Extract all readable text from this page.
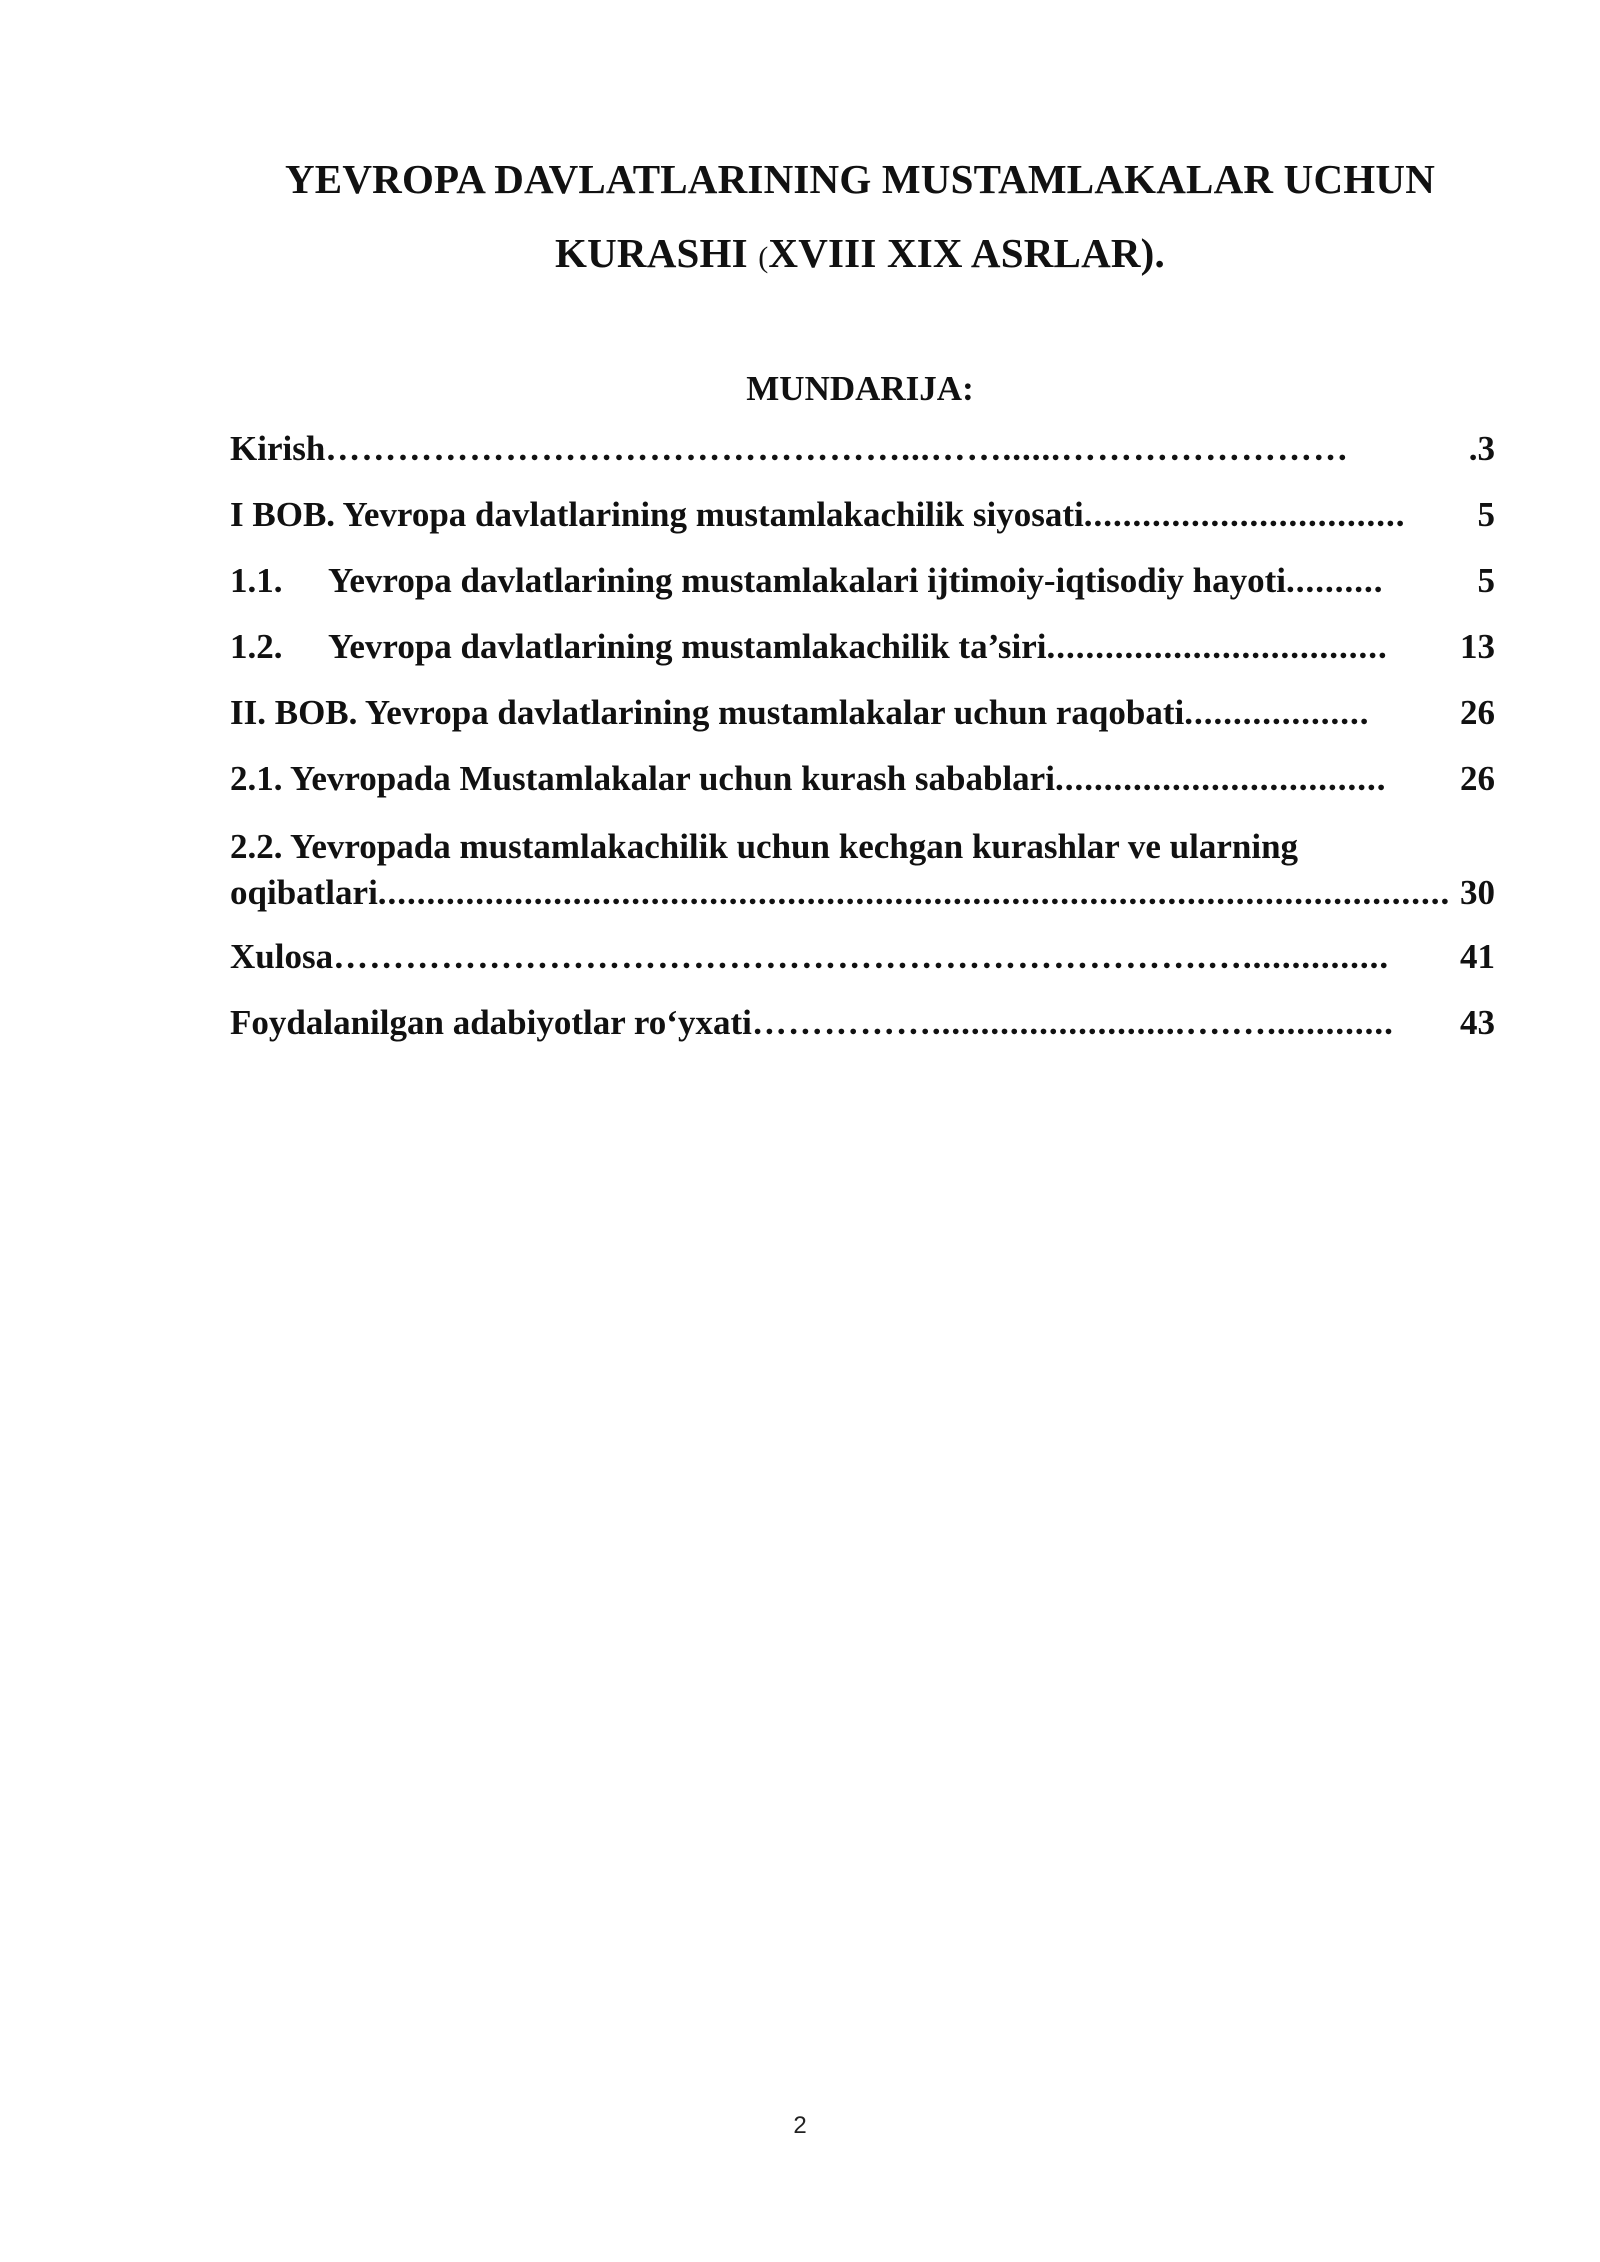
YEVROPA DAVLATLARINING MUSTAMLAKALAR UCHUN
KURASHI (XVIII XIX ASRLAR).
MUNDARIJA:
Kirish …………………………………………...……......……………………	.3
I BOB. Yevropa davlatlarining mustamlakachilik siyosati .................................	5
1.1.	Yevropa davlatlarining mustamlakalari ijtimoiy-iqtisodiy hayoti ..........	5
1.2.	Yevropa davlatlarining mustamlakachilik ta’siri ...................................	13
II. BOB. Yevropa davlatlarining mustamlakalar uchun raqobati ...................	26
2.1. Yevropada Mustamlakalar uchun kurash sabablari ..................................	26
2.2. Yevropada mustamlakachilik uchun kechgan kurashlar ve ularning
oqibatlari .............................................................................................................. 30
Xulosa ……………………………………………………………….…...............	41
Foydalanilgan adabiyotlar ro‘yxati ……………..........................….….............	43
2
